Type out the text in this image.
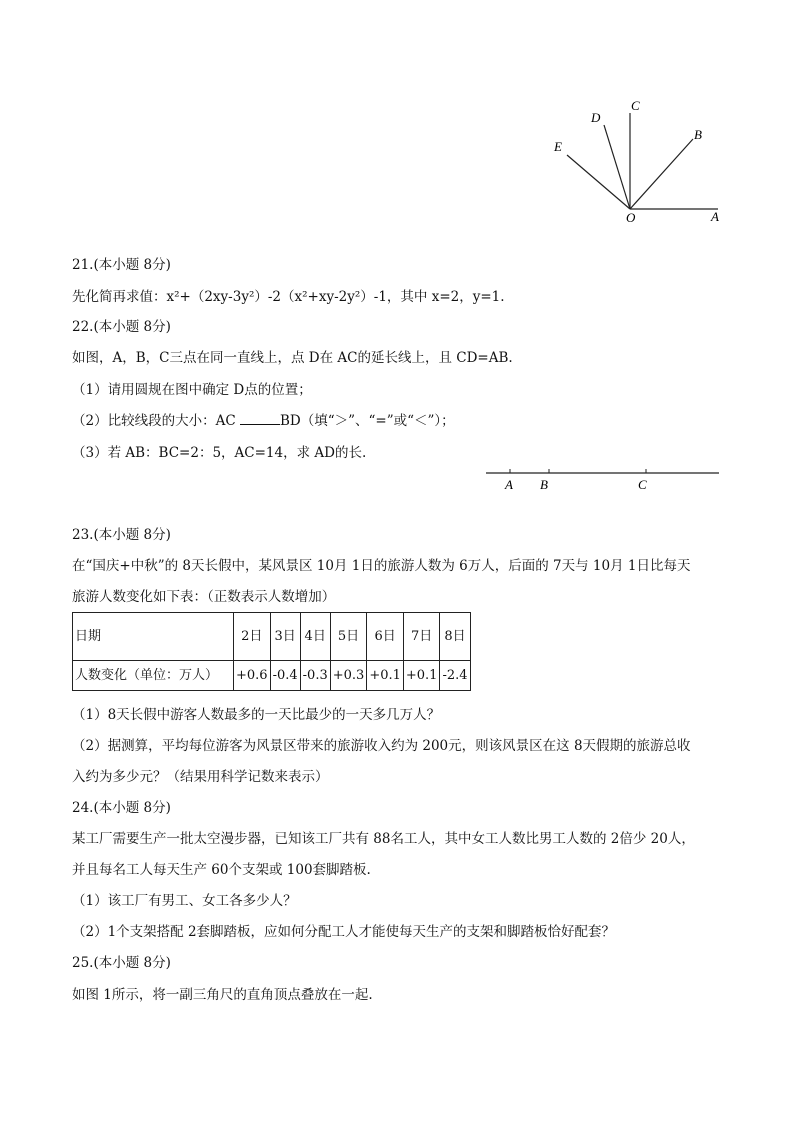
D
C
B
E
O	A
21.(本小题 8分)
先化简再求值：x²+（2xy-3y²）-2（x²+xy-2y²）-1，其中 x=2，y=1.
22.(本小题 8分)
如图，A，B，C三点在同一直线上，点 D在 AC的延长线上，且 CD=AB.
（1）请用圆规在图中确定 D点的位置；
（2）比较线段的大小：AC	BD（填“＞”、“=”或“＜”）；
（3）若 AB：BC=2：5，AC=14，求 AD的长.
A B	C
23.(本小题 8分)
在“国庆+中秋”的 8天长假中，某风景区 10月 1日的旅游人数为 6万人，后面的 7天与 10月 1日比每天
旅游人数变化如下表：（正数表示人数增加）
日期	2日	3日	4日	5日	6日	7日	8日
人数变化（单位：万人）	+0.6	-0.4	-0.3	+0.3	+0.1	+0.1	-2.4
（1）8天长假中游客人数最多的一天比最少的一天多几万人？
（2）据测算，平均每位游客为风景区带来的旅游收入约为 200元，则该风景区在这 8天假期的旅游总收
入约为多少元？（结果用科学记数来表示）
24.(本小题 8分)
某工厂需要生产一批太空漫步器，已知该工厂共有 88名工人，其中女工人数比男工人数的 2倍少 20人，
并且每名工人每天生产 60个支架或 100套脚踏板.
（1）该工厂有男工、女工各多少人？
（2）1个支架搭配 2套脚踏板，应如何分配工人才能使每天生产的支架和脚踏板恰好配套？
25.(本小题 8分)
如图 1所示，将一副三角尺的直角顶点叠放在一起.
